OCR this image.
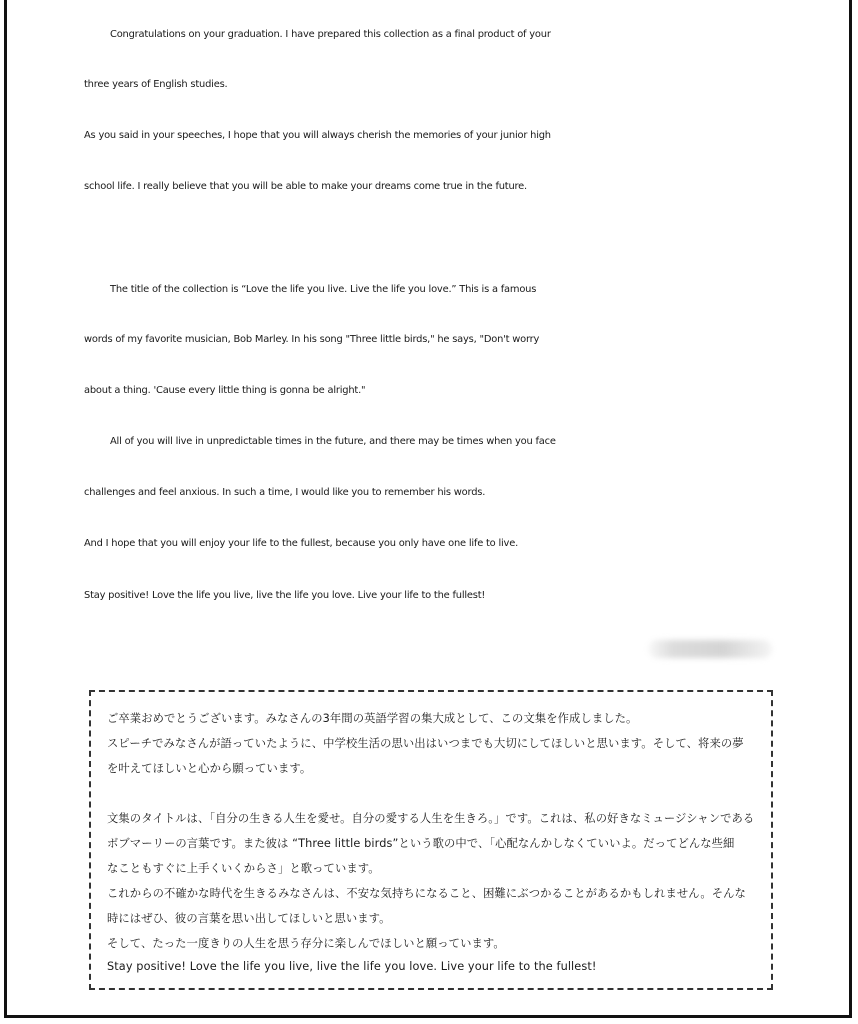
Congratulations on your graduation. I have prepared this collection as a final product of your
three years of English studies.
As you said in your speeches, I hope that you will always cherish the memories of your junior high
school life. I really believe that you will be able to make your dreams come true in the future.
The title of the collection is “Love the life you live. Live the life you love.” This is a famous
words of my favorite musician, Bob Marley. In his song "Three little birds," he says, "Don't worry
about a thing. 'Cause every little thing is gonna be alright."
All of you will live in unpredictable times in the future, and there may be times when you face
challenges and feel anxious. In such a time, I would like you to remember his words.
And I hope that you will enjoy your life to the fullest, because you only have one life to live.
Stay positive! Love the life you live, live the life you love. Live your life to the fullest!
ご卒業おめでとうございます。みなさんの3年間の英語学習の集大成として、この文集を作成しました。
スピーチでみなさんが語っていたように、中学校生活の思い出はいつまでも大切にしてほしいと思います。そして、将来の夢
を叶えてほしいと心から願っています。
文集のタイトルは、「自分の生きる人生を愛せ。自分の愛する人生を生きろ。」です。これは、私の好きなミュージシャンである
ボブマーリーの言葉です。また彼は “Three little birds”という歌の中で、「心配なんかしなくていいよ。だってどんな些細
なこともすぐに上手くいくからさ」と歌っています。
これからの不確かな時代を生きるみなさんは、不安な気持ちになること、困難にぶつかることがあるかもしれません。そんな
時にはぜひ、彼の言葉を思い出してほしいと思います。
そして、たった一度きりの人生を思う存分に楽しんでほしいと願っています。
Stay positive! Love the life you live, live the life you love. Live your life to the fullest!
